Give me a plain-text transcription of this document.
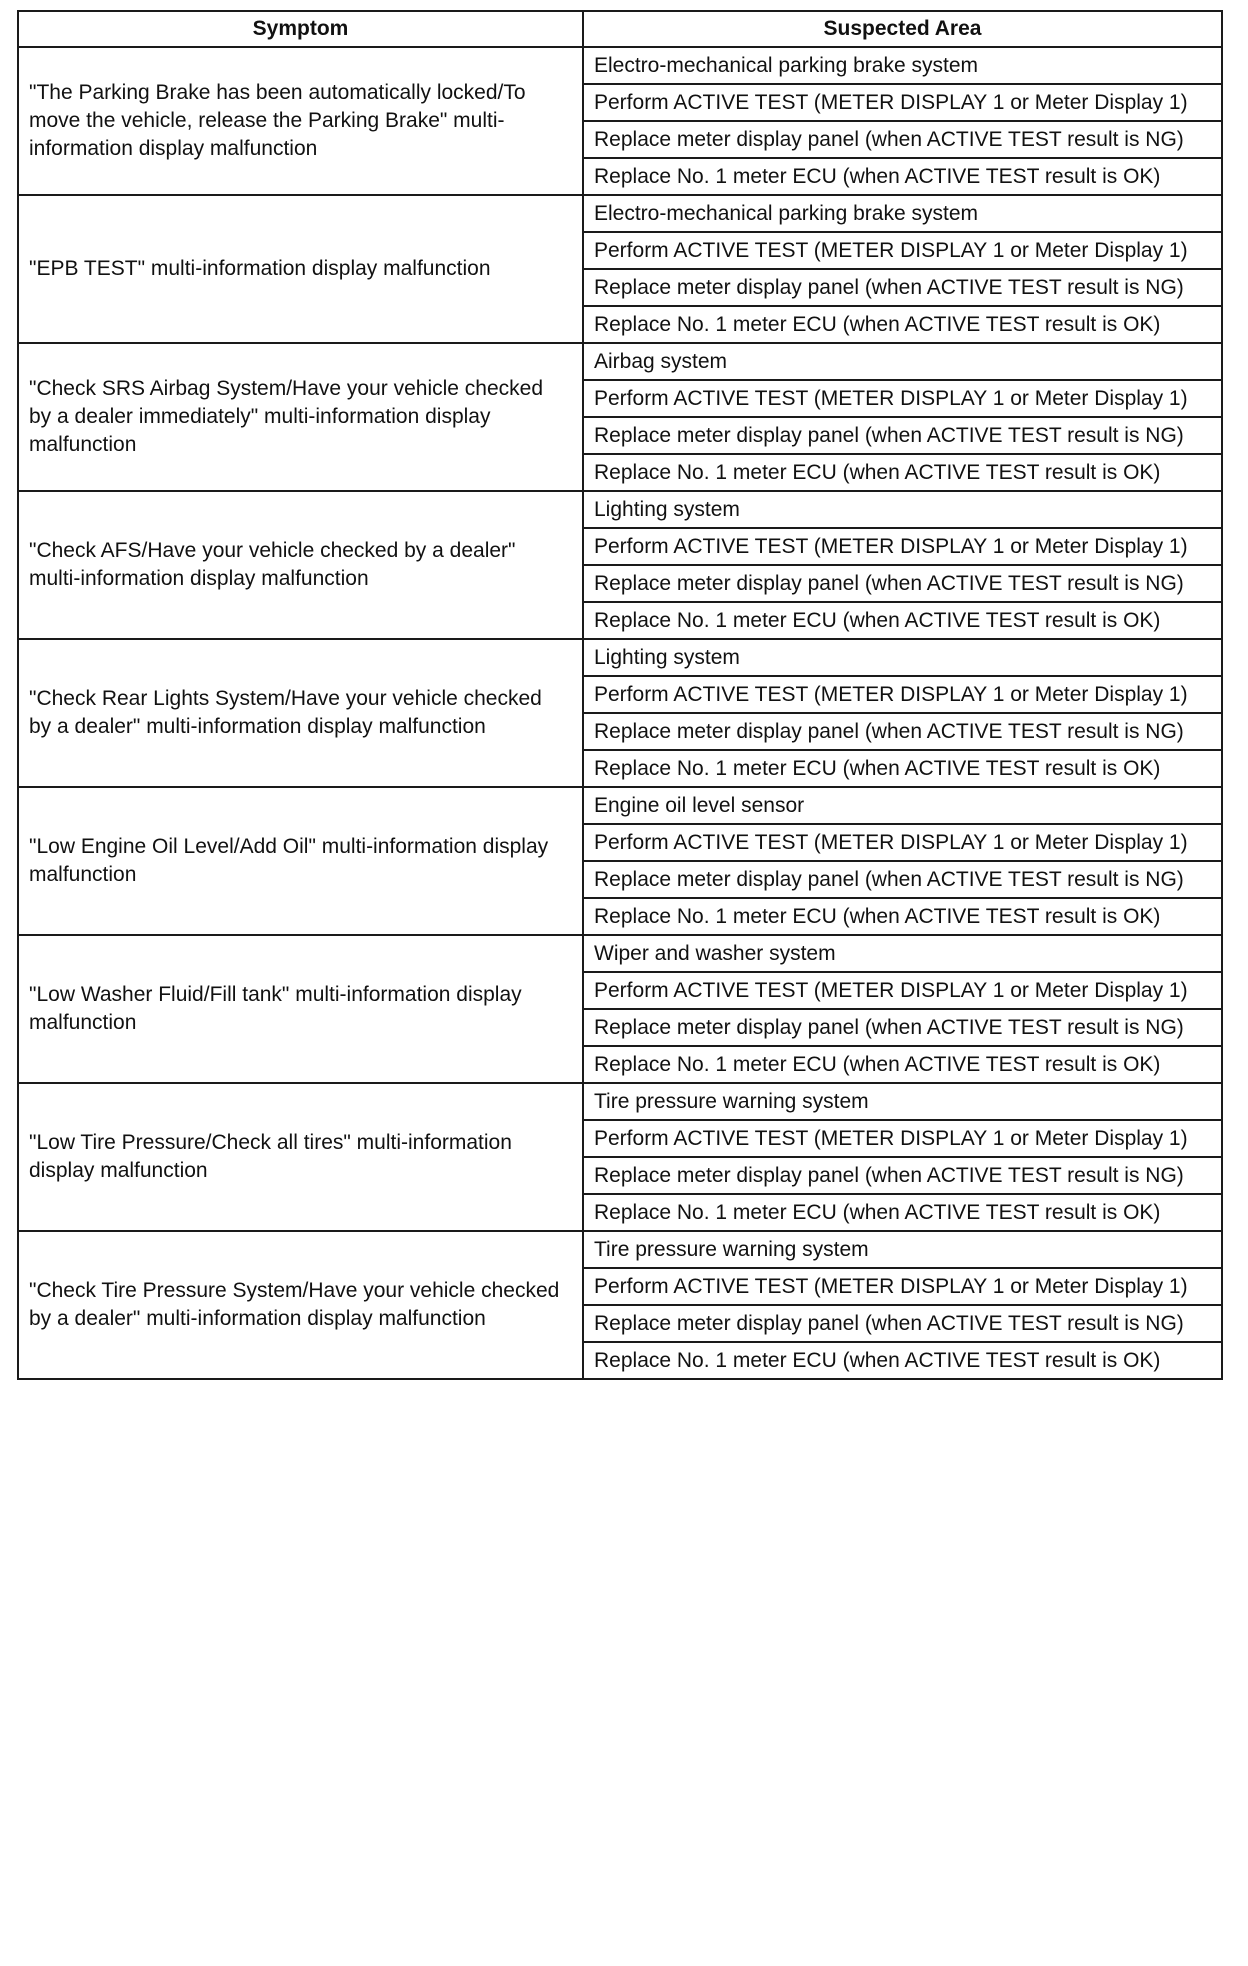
Symptom	Suspected Area
"The Parking Brake has been automatically locked/To move the vehicle, release the Parking Brake" multi-information display malfunction	Electro-mechanical parking brake system
	Perform ACTIVE TEST (METER DISPLAY 1 or Meter Display 1)
	Replace meter display panel (when ACTIVE TEST result is NG)
	Replace No. 1 meter ECU (when ACTIVE TEST result is OK)
"EPB TEST" multi-information display malfunction	Electro-mechanical parking brake system
	Perform ACTIVE TEST (METER DISPLAY 1 or Meter Display 1)
	Replace meter display panel (when ACTIVE TEST result is NG)
	Replace No. 1 meter ECU (when ACTIVE TEST result is OK)
"Check SRS Airbag System/Have your vehicle checked by a dealer immediately" multi-information display malfunction	Airbag system
	Perform ACTIVE TEST (METER DISPLAY 1 or Meter Display 1)
	Replace meter display panel (when ACTIVE TEST result is NG)
	Replace No. 1 meter ECU (when ACTIVE TEST result is OK)
"Check AFS/Have your vehicle checked by a dealer" multi-information display malfunction	Lighting system
	Perform ACTIVE TEST (METER DISPLAY 1 or Meter Display 1)
	Replace meter display panel (when ACTIVE TEST result is NG)
	Replace No. 1 meter ECU (when ACTIVE TEST result is OK)
"Check Rear Lights System/Have your vehicle checked by a dealer" multi-information display malfunction	Lighting system
	Perform ACTIVE TEST (METER DISPLAY 1 or Meter Display 1)
	Replace meter display panel (when ACTIVE TEST result is NG)
	Replace No. 1 meter ECU (when ACTIVE TEST result is OK)
"Low Engine Oil Level/Add Oil" multi-information display malfunction	Engine oil level sensor
	Perform ACTIVE TEST (METER DISPLAY 1 or Meter Display 1)
	Replace meter display panel (when ACTIVE TEST result is NG)
	Replace No. 1 meter ECU (when ACTIVE TEST result is OK)
"Low Washer Fluid/Fill tank" multi-information display malfunction	Wiper and washer system
	Perform ACTIVE TEST (METER DISPLAY 1 or Meter Display 1)
	Replace meter display panel (when ACTIVE TEST result is NG)
	Replace No. 1 meter ECU (when ACTIVE TEST result is OK)
"Low Tire Pressure/Check all tires" multi-information display malfunction	Tire pressure warning system
	Perform ACTIVE TEST (METER DISPLAY 1 or Meter Display 1)
	Replace meter display panel (when ACTIVE TEST result is NG)
	Replace No. 1 meter ECU (when ACTIVE TEST result is OK)
"Check Tire Pressure System/Have your vehicle checked by a dealer" multi-information display malfunction	Tire pressure warning system
	Perform ACTIVE TEST (METER DISPLAY 1 or Meter Display 1)
	Replace meter display panel (when ACTIVE TEST result is NG)
	Replace No. 1 meter ECU (when ACTIVE TEST result is OK)
